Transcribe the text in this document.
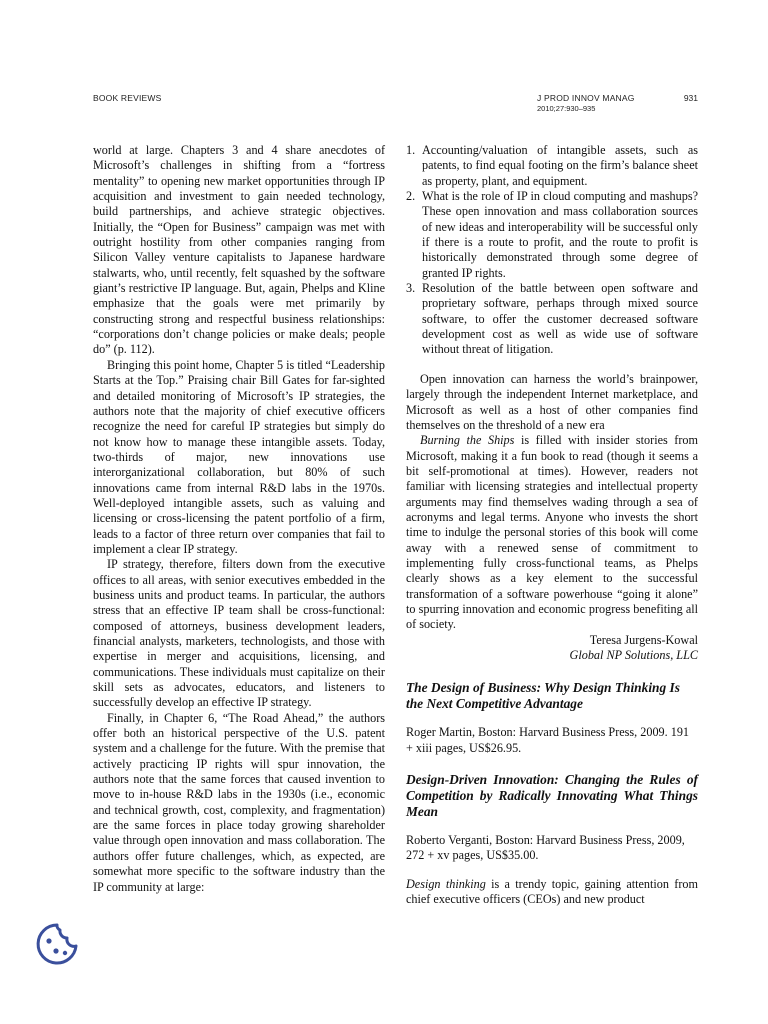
BOOK REVIEWS	J PROD INNOV MANAG
2010;27:930–935
931

world at large. Chapters 3 and 4 share anecdotes of Microsoft’s challenges in shifting from a “fortress mentality” to opening new market opportunities through IP acquisition and investment to gain needed technology, build partnerships, and achieve strategic objectives. Initially, the “Open for Business” campaign was met with outright hostility from other companies ranging from Silicon Valley venture capitalists to Japanese hardware stalwarts, who, until recently, felt squashed by the software giant’s restrictive IP language. But, again, Phelps and Kline emphasize that the goals were met primarily by constructing strong and respectful business relationships: “corporations don’t change policies or make deals; people do” (p. 112).

Bringing this point home, Chapter 5 is titled “Leadership Starts at the Top.” Praising chair Bill Gates for far-sighted and detailed monitoring of Microsoft’s IP strategies, the authors note that the majority of chief executive officers recognize the need for careful IP strategies but simply do not know how to manage these intangible assets. Today, two-thirds of major, new innovations use interorganizational collaboration, but 80% of such innovations came from internal R&D labs in the 1970s. Well-deployed intangible assets, such as valuing and licensing or cross-licensing the patent portfolio of a firm, leads to a factor of three return over companies that fail to implement a clear IP strategy.

IP strategy, therefore, filters down from the executive offices to all areas, with senior executives embedded in the business units and product teams. In particular, the authors stress that an effective IP team shall be cross-functional: composed of attorneys, business development leaders, financial analysts, marketers, technologists, and those with expertise in merger and acquisitions, licensing, and communications. These individuals must capitalize on their skill sets as advocates, educators, and listeners to successfully develop an effective IP strategy.

Finally, in Chapter 6, “The Road Ahead,” the authors offer both an historical perspective of the U.S. patent system and a challenge for the future. With the premise that actively practicing IP rights will spur innovation, the authors note that the same forces that caused invention to move to in-house R&D labs in the 1930s (i.e., economic and technical growth, cost, complexity, and fragmentation) are the same forces in place today growing shareholder value through open innovation and mass collaboration. The authors offer future challenges, which, as expected, are somewhat more specific to the software industry than the IP community at large:

1. Accounting/valuation of intangible assets, such as patents, to find equal footing on the firm’s balance sheet as property, plant, and equipment.
2. What is the role of IP in cloud computing and mashups? These open innovation and mass collaboration sources of new ideas and interoperability will be successful only if there is a route to profit, and the route to profit is historically demonstrated through some degree of granted IP rights.
3. Resolution of the battle between open software and proprietary software, perhaps through mixed source software, to offer the customer decreased software development cost as well as wide use of software without threat of litigation.

Open innovation can harness the world’s brainpower, largely through the independent Internet marketplace, and Microsoft as well as a host of other companies find themselves on the threshold of a new era

Burning the Ships is filled with insider stories from Microsoft, making it a fun book to read (though it seems a bit self-promotional at times). However, readers not familiar with licensing strategies and intellectual property arguments may find themselves wading through a sea of acronyms and legal terms. Anyone who invests the short time to indulge the personal stories of this book will come away with a renewed sense of commitment to implementing fully cross-functional teams, as Phelps clearly shows as a key element to the successful transformation of a software powerhouse “going it alone” to spurring innovation and economic progress benefiting all of society.

Teresa Jurgens-Kowal

Global NP Solutions, LLC

The Design of Business: Why Design Thinking Is the Next Competitive Advantage

Roger Martin, Boston: Harvard Business Press, 2009. 191 + xiii pages, US$26.95.

Design-Driven Innovation: Changing the Rules of Competition by Radically Innovating What Things Mean

Roberto Verganti, Boston: Harvard Business Press, 2009, 272 + xv pages, US$35.00.

Design thinking is a trendy topic, gaining attention from chief executive officers (CEOs) and new product
